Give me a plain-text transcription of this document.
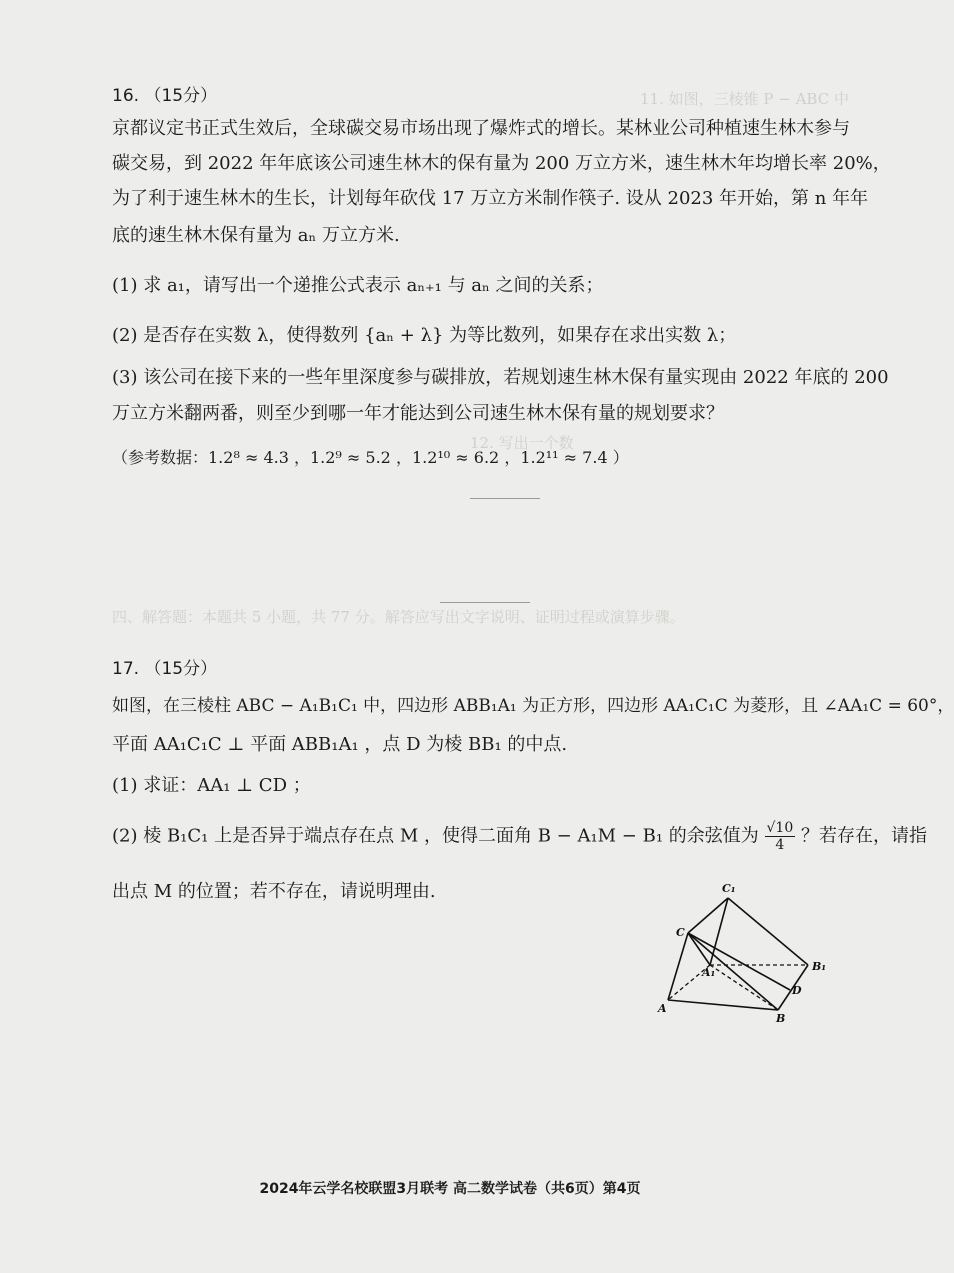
11. 如图，三棱锥 P − ABC 中
12. 写出一个数
四、解答题：本题共 5 小题，共 77 分。解答应写出文字说明、证明过程或演算步骤。
16. （15分）
京都议定书正式生效后，全球碳交易市场出现了爆炸式的增长。某林业公司种植速生林木参与
碳交易，到 2022 年年底该公司速生林木的保有量为 200 万立方米，速生林木年均增长率 20%，
为了利于速生林木的生长，计划每年砍伐 17 万立方米制作筷子. 设从 2023 年开始，第 n 年年
底的速生林木保有量为 aₙ 万立方米.
(1) 求 a₁，请写出一个递推公式表示 aₙ₊₁ 与 aₙ 之间的关系；
(2) 是否存在实数 λ，使得数列 {aₙ + λ} 为等比数列，如果存在求出实数 λ；
(3) 该公司在接下来的一些年里深度参与碳排放，若规划速生林木保有量实现由 2022 年底的 200
万立方米翻两番，则至少到哪一年才能达到公司速生林木保有量的规划要求？
（参考数据：1.2⁸ ≈ 4.3 ，1.2⁹ ≈ 5.2 ，1.2¹⁰ ≈ 6.2 ，1.2¹¹ ≈ 7.4 ）
17. （15分）
如图，在三棱柱 ABC − A₁B₁C₁ 中，四边形 ABB₁A₁ 为正方形，四边形 AA₁C₁C 为菱形，且 ∠AA₁C = 60°，
平面 AA₁C₁C ⊥ 平面 ABB₁A₁ ，点 D 为棱 BB₁ 的中点.
(1) 求证：AA₁ ⊥ CD ；
(2) 棱 B₁C₁ 上是否异于端点存在点 M ，使得二面角 B − A₁M − B₁ 的余弦值为 $\frac{√10}{4}$ ？若存在，请指
出点 M 的位置；若不存在，请说明理由.	C₁
C
A₁	B₁
D
A
B
2024年云学名校联盟3月联考 高二数学试卷（共6页）第4页
